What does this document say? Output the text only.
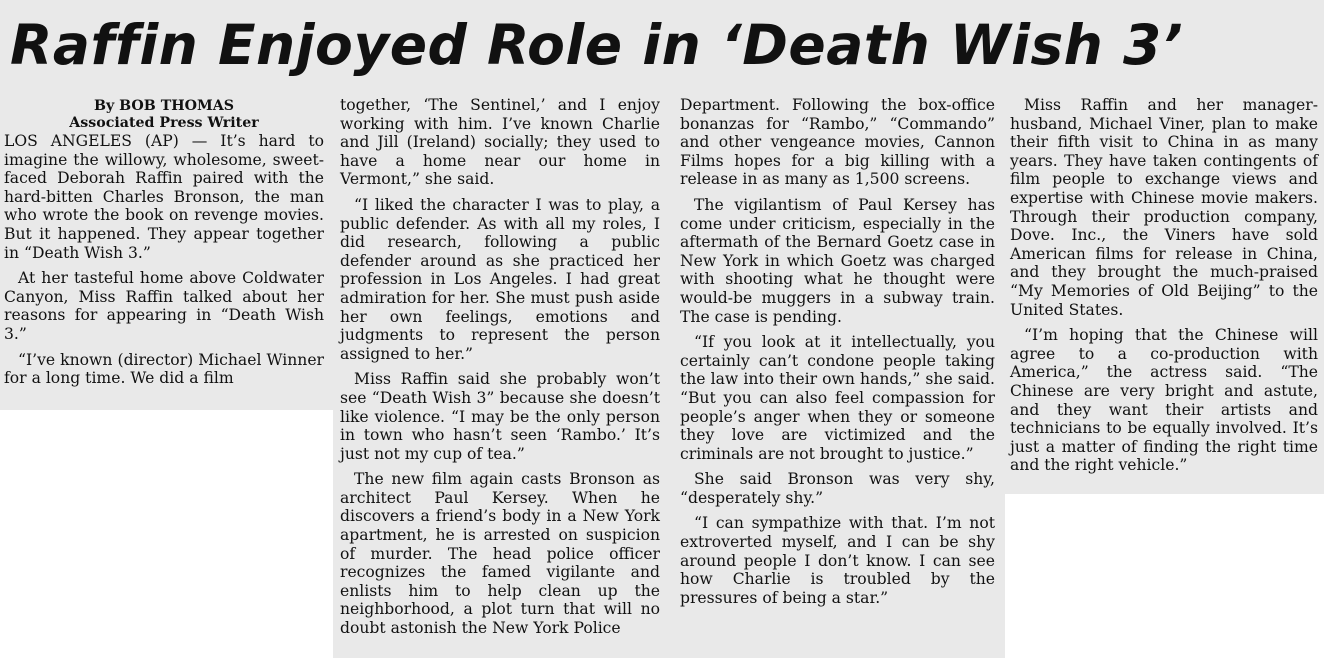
Raffin Enjoyed Role in ‘Death Wish 3’
By BOB THOMAS
Associated Press Writer

LOS ANGELES (AP) — It’s hard to imagine the willowy, wholesome, sweet-faced Deborah Raffin paired with the hard-bitten Charles Bronson, the man who wrote the book on revenge movies. But it happened. They appear together in “Death Wish 3.”

At her tasteful home above Coldwater Canyon, Miss Raffin talked about her reasons for appearing in “Death Wish 3.”

“I’ve known (director) Michael Winner for a long time. We did a film

together, ‘The Sentinel,’ and I enjoy working with him. I’ve known Charlie and Jill (Ireland) socially; they used to have a home near our home in Vermont,” she said.

“I liked the character I was to play, a public defender. As with all my roles, I did research, following a public defender around as she practiced her profession in Los Angeles. I had great admiration for her. She must push aside her own feelings, emotions and judgments to represent the person assigned to her.”

Miss Raffin said she probably won’t see “Death Wish 3” because she doesn’t like violence. “I may be the only person in town who hasn’t seen ‘Rambo.’ It’s just not my cup of tea.”

The new film again casts Bronson as architect Paul Kersey. When he discovers a friend’s body in a New York apartment, he is arrested on suspicion of murder. The head police officer recognizes the famed vigilante and enlists him to help clean up the neighborhood, a plot turn that will no doubt astonish the New York Police

Department. Following the box-office bonanzas for “Rambo,” “Commando” and other vengeance movies, Cannon Films hopes for a big killing with a release in as many as 1,500 screens.

The vigilantism of Paul Kersey has come under criticism, especially in the aftermath of the Bernard Goetz case in New York in which Goetz was charged with shooting what he thought were would-be muggers in a subway train. The case is pending.

“If you look at it intellectually, you certainly can’t condone people taking the law into their own hands,” she said. “But you can also feel compassion for people’s anger when they or someone they love are victimized and the criminals are not brought to justice.”

She said Bronson was very shy, “desperately shy.”

“I can sympathize with that. I’m not extroverted myself, and I can be shy around people I don’t know. I can see how Charlie is troubled by the pressures of being a star.”

Miss Raffin and her manager-husband, Michael Viner, plan to make their fifth visit to China in as many years. They have taken contingents of film people to exchange views and expertise with Chinese movie makers. Through their production company, Dove. Inc., the Viners have sold American films for release in China, and they brought the much-praised “My Memories of Old Beijing” to the United States.

“I’m hoping that the Chinese will agree to a co-production with America,” the actress said. “The Chinese are very bright and astute, and they want their artists and technicians to be equally involved. It’s just a matter of finding the right time and the right vehicle.”
